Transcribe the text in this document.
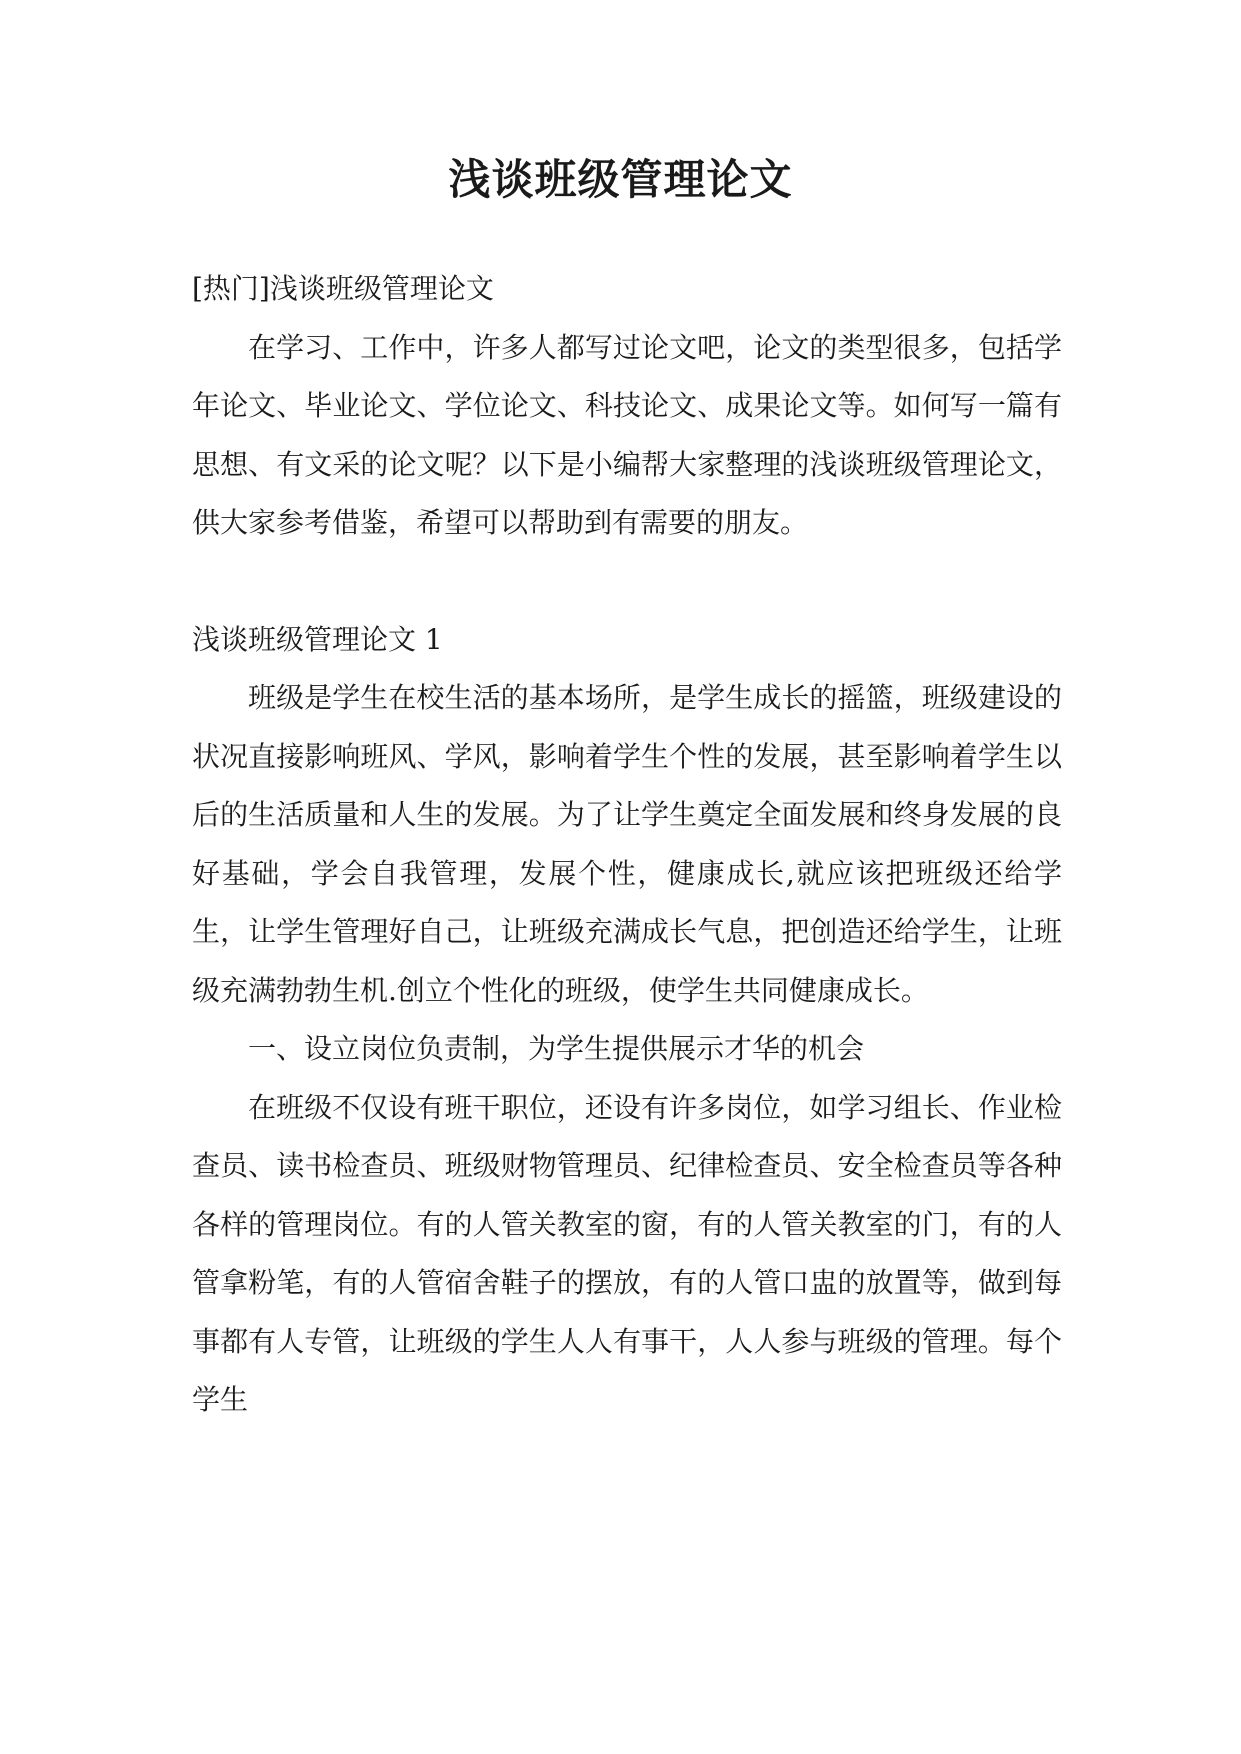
浅谈班级管理论文

[热门]浅谈班级管理论文

在学习、工作中，许多人都写过论文吧，论文的类型很多，包括学年论文、毕业论文、学位论文、科技论文、成果论文等。如何写一篇有思想、有文采的论文呢？以下是小编帮大家整理的浅谈班级管理论文，供大家参考借鉴，希望可以帮助到有需要的朋友。

浅谈班级管理论文 1

班级是学生在校生活的基本场所，是学生成长的摇篮，班级建设的状况直接影响班风、学风，影响着学生个性的发展，甚至影响着学生以后的生活质量和人生的发展。为了让学生奠定全面发展和终身发展的良好基础，学会自我管理，发展个性，健康成长,就应该把班级还给学生，让学生管理好自己，让班级充满成长气息，把创造还给学生，让班级充满勃勃生机.创立个性化的班级，使学生共同健康成长。

一、设立岗位负责制，为学生提供展示才华的机会

在班级不仅设有班干职位，还设有许多岗位，如学习组长、作业检查员、读书检查员、班级财物管理员、纪律检查员、安全检查员等各种各样的管理岗位。有的人管关教室的窗，有的人管关教室的门，有的人管拿粉笔，有的人管宿舍鞋子的摆放，有的人管口盅的放置等，做到每事都有人专管，让班级的学生人人有事干，人人参与班级的管理。每个学生
